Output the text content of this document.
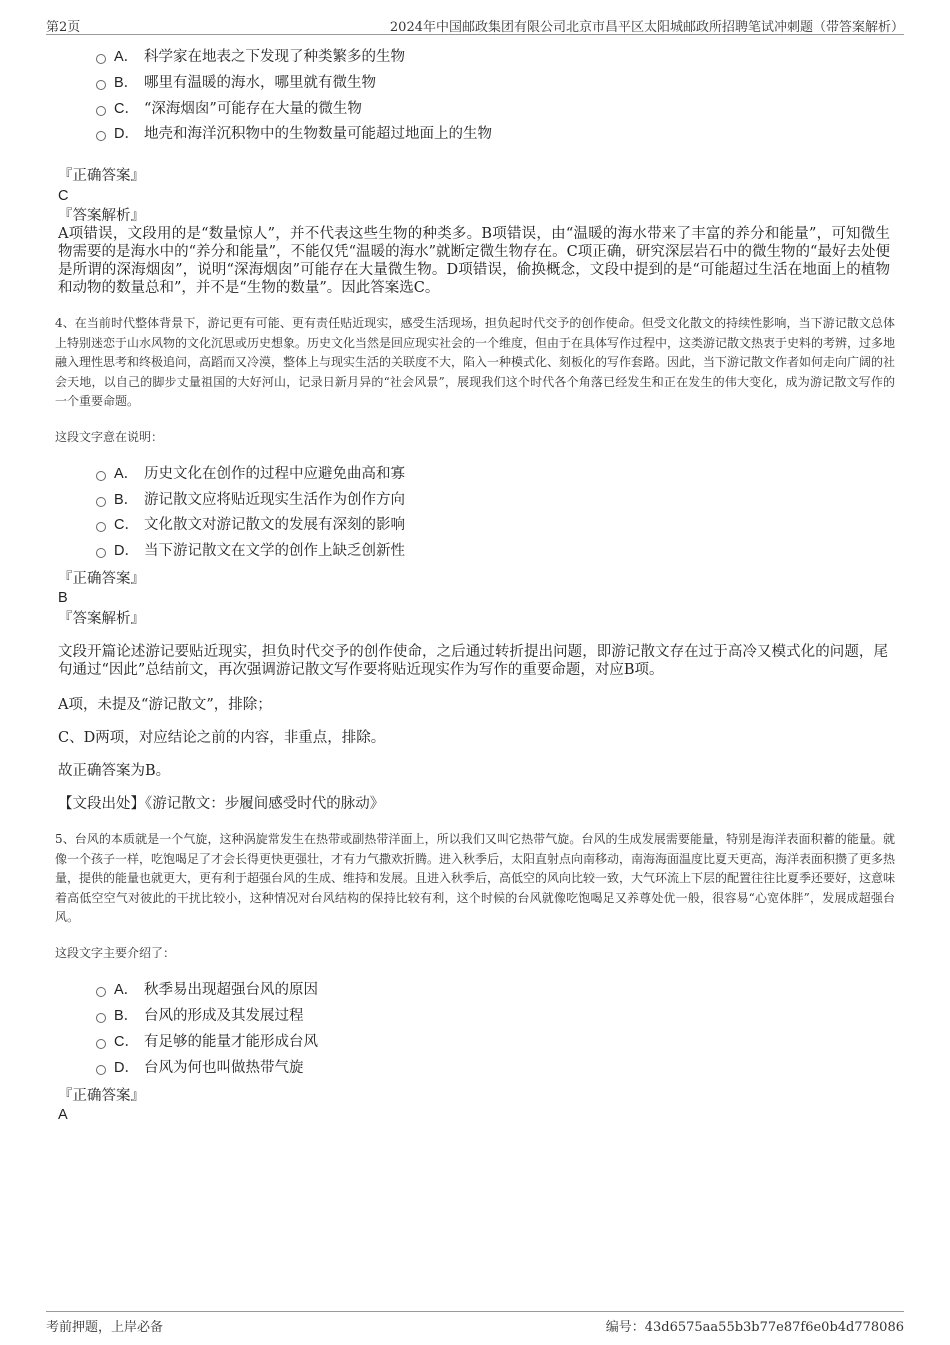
第2页	2024年中国邮政集团有限公司北京市昌平区太阳城邮政所招聘笔试冲刺题（带答案解析）
A． 科学家在地表之下发现了种类繁多的生物
B． 哪里有温暖的海水，哪里就有微生物
C． “深海烟囱”可能存在大量的微生物
D． 地壳和海洋沉积物中的生物数量可能超过地面上的生物
『正确答案』
C
『答案解析』
A项错误，文段用的是“数量惊人”，并不代表这些生物的种类多。B项错误，由“温暖的海水带来了丰富的养分和能量”，可知微生物需要的是海水中的“养分和能量”，不能仅凭“温暖的海水”就断定微生物存在。C项正确，研究深层岩石中的微生物的“最好去处便是所谓的深海烟囱”，说明“深海烟囱”可能存在大量微生物。D项错误，偷换概念，文段中提到的是“可能超过生活在地面上的植物和动物的数量总和”，并不是“生物的数量”。因此答案选C。
4、在当前时代整体背景下，游记更有可能、更有责任贴近现实，感受生活现场，担负起时代交予的创作使命。但受文化散文的持续性影响，当下游记散文总体上特别迷恋于山水风物的文化沉思或历史想象。历史文化当然是回应现实社会的一个维度，但由于在具体写作过程中，这类游记散文热衷于史料的考辨，过多地融入理性思考和终极追问，高蹈而又冷漠，整体上与现实生活的关联度不大，陷入一种模式化、刻板化的写作套路。因此，当下游记散文作者如何走向广阔的社会天地，以自己的脚步丈量祖国的大好河山，记录日新月异的“社会风景”，展现我们这个时代各个角落已经发生和正在发生的伟大变化，成为游记散文写作的一个重要命题。
这段文字意在说明：
A． 历史文化在创作的过程中应避免曲高和寡
B． 游记散文应将贴近现实生活作为创作方向
C． 文化散文对游记散文的发展有深刻的影响
D． 当下游记散文在文学的创作上缺乏创新性
『正确答案』
B
『答案解析』
文段开篇论述游记要贴近现实，担负时代交予的创作使命，之后通过转折提出问题，即游记散文存在过于高冷又模式化的问题，尾句通过“因此”总结前文，再次强调游记散文写作要将贴近现实作为写作的重要命题，对应B项。
A项，未提及“游记散文”，排除；
C、D两项，对应结论之前的内容，非重点，排除。
故正确答案为B。
【文段出处】《游记散文：步履间感受时代的脉动》
5、台风的本质就是一个气旋，这种涡旋常发生在热带或副热带洋面上，所以我们又叫它热带气旋。台风的生成发展需要能量，特别是海洋表面积蓄的能量。就像一个孩子一样，吃饱喝足了才会长得更快更强壮，才有力气撒欢折腾。进入秋季后，太阳直射点向南移动，南海海面温度比夏天更高，海洋表面积攒了更多热量，提供的能量也就更大，更有利于超强台风的生成、维持和发展。且进入秋季后，高低空的风向比较一致，大气环流上下层的配置往往比夏季还要好，这意味着高低空空气对彼此的干扰比较小，这种情况对台风结构的保持比较有利，这个时候的台风就像吃饱喝足又养尊处优一般，很容易“心宽体胖”，发展成超强台风。
这段文字主要介绍了：
A． 秋季易出现超强台风的原因
B． 台风的形成及其发展过程
C． 有足够的能量才能形成台风
D． 台风为何也叫做热带气旋
『正确答案』
A
考前押题，上岸必备	编号：43d6575aa55b3b77e87f6e0b4d778086
